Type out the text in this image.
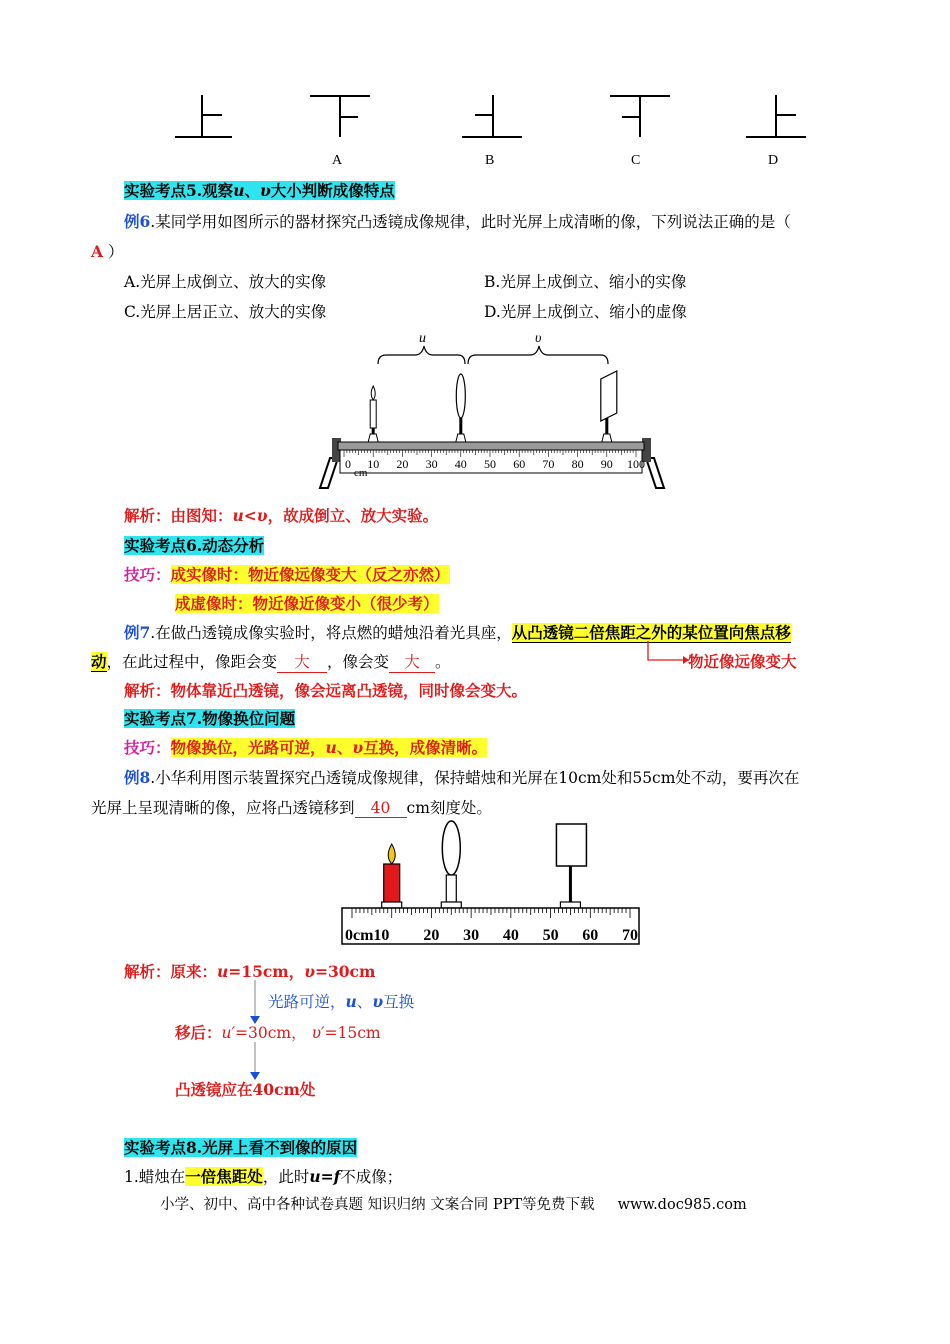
A	B	C	D
实验考点5.观察u、υ大小判断成像特点
例6.某同学用如图所示的器材探究凸透镜成像规律，此时光屏上成清晰的像，下列说法正确的是（
A ）
A.光屏上成倒立、放大的实像	B.光屏上成倒立、缩小的实像
C.光屏上居正立、放大的实像	D.光屏上成倒立、缩小的虚像
u	υ
0 10 20 30 40 50 60 70 80 90 100
cm
解析：由图知：u<υ，故成倒立、放大实验。
实验考点6.动态分析
技巧：成实像时：物近像远像变大（反之亦然）
成虚像时：物近像近像变小（很少考）
例7.在做凸透镜成像实验时，将点燃的蜡烛沿着光具座，从凸透镜二倍焦距之外的某位置向焦点移
动，在此过程中，像距会变 大 ，像会变 大 。	物近像远像变大
解析：物体靠近凸透镜，像会远离凸透镜，同时像会变大。
实验考点7.物像换位问题
技巧：物像换位，光路可逆，u、υ互换，成像清晰。
例8.小华利用图示装置探究凸透镜成像规律，保持蜡烛和光屏在10cm处和55cm处不动，要再次在
光屏上呈现清晰的像，应将凸透镜移到 40 cm刻度处。
0cm10 20 30 40 50 60 70
解析：原来：u=15cm，υ=30cm
光路可逆，u、υ互换
移后：u′=30cm， υ′=15cm
凸透镜应在40cm处
实验考点8.光屏上看不到像的原因
1.蜡烛在一倍焦距处，此时u=f不成像；
小学、初中、高中各种试卷真题 知识归纳 文案合同 PPT等免费下载 www.doc985.com
